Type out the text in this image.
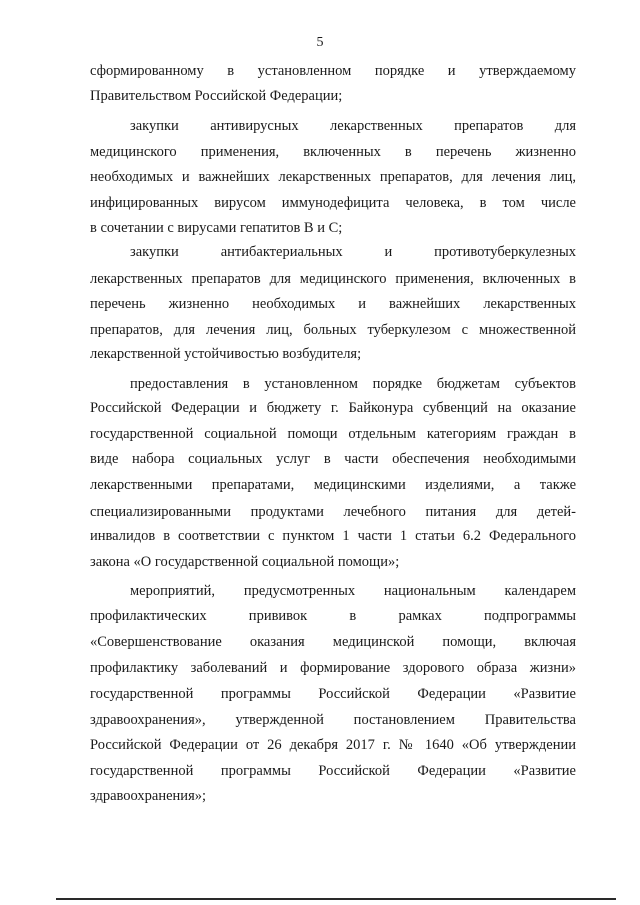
5
сформированному в установленном порядке и утверждаемому
Правительством Российской Федерации;
закупки антивирусных лекарственных препаратов для
медицинского применения, включенных в перечень жизненно
необходимых и важнейших лекарственных препаратов, для лечения лиц,
инфицированных вирусом иммунодефицита человека, в том числе
в сочетании с вирусами гепатитов B и C;
закупки антибактериальных и противотуберкулезных
лекарственных препаратов для медицинского применения, включенных в
перечень жизненно необходимых и важнейших лекарственных
препаратов, для лечения лиц, больных туберкулезом с множественной
лекарственной устойчивостью возбудителя;
предоставления в установленном порядке бюджетам субъектов
Российской Федерации и бюджету г. Байконура субвенций на оказание
государственной социальной помощи отдельным категориям граждан в
виде набора социальных услуг в части обеспечения необходимыми
лекарственными препаратами, медицинскими изделиями, а также
специализированными продуктами лечебного питания для детей-
инвалидов в соответствии с пунктом 1 части 1 статьи 6.2 Федерального
закона «О государственной социальной помощи»;
мероприятий, предусмотренных национальным календарем
профилактических прививок в рамках подпрограммы
«Совершенствование оказания медицинской помощи, включая
профилактику заболеваний и формирование здорового образа жизни»
государственной программы Российской Федерации «Развитие
здравоохранения», утвержденной постановлением Правительства
Российской Федерации от 26 декабря 2017 г. № 1640 «Об утверждении
государственной программы Российской Федерации «Развитие
здравоохранения»;
